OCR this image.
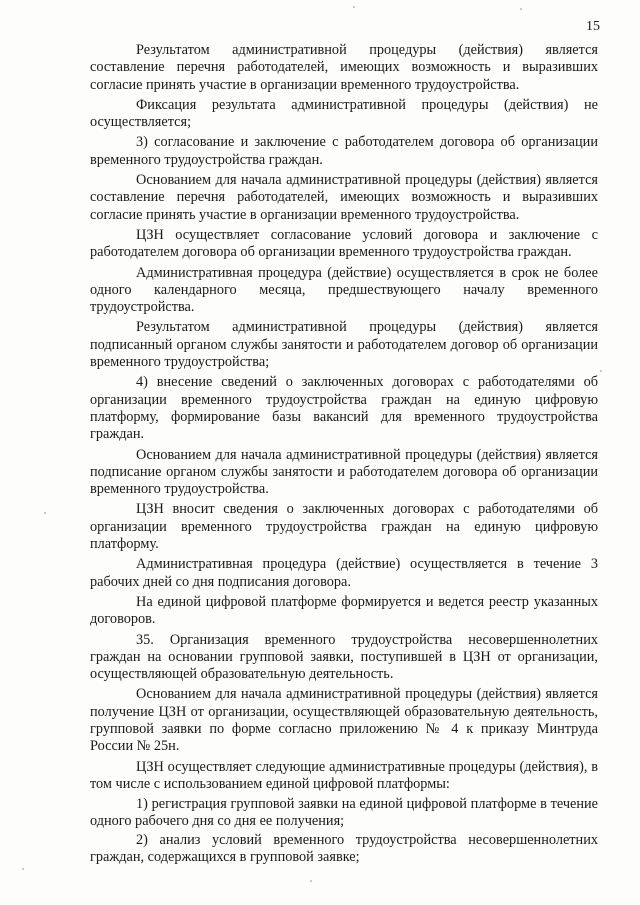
15

Результатом административной процедуры (действия) является составление перечня работодателей, имеющих возможность и выразивших согласие принять участие в организации временного трудоустройства.

Фиксация результата административной процедуры (действия) не осуществляется;

3) согласование и заключение с работодателем договора об организации временного трудоустройства граждан.

Основанием для начала административной процедуры (действия) является составление перечня работодателей, имеющих возможность и выразивших согласие принять участие в организации временного трудоустройства.

ЦЗН осуществляет согласование условий договора и заключение с работодателем договора об организации временного трудоустройства граждан.

Административная процедура (действие) осуществляется в срок не более одного календарного месяца, предшествующего началу временного трудоустройства.

Результатом административной процедуры (действия) является подписанный органом службы занятости и работодателем договор об организации временного трудоустройства;

4) внесение сведений о заключенных договорах с работодателями об организации временного трудоустройства граждан на единую цифровую платформу, формирование базы вакансий для временного трудоустройства граждан.

Основанием для начала административной процедуры (действия) является подписание органом службы занятости и работодателем договора об организации временного трудоустройства.

ЦЗН вносит сведения о заключенных договорах с работодателями об организации временного трудоустройства граждан на единую цифровую платформу.

Административная процедура (действие) осуществляется в течение 3 рабочих дней со дня подписания договора.

На единой цифровой платформе формируется и ведется реестр указанных договоров.

35. Организация временного трудоустройства несовершеннолетних граждан на основании групповой заявки, поступившей в ЦЗН от организации, осуществляющей образовательную деятельность.

Основанием для начала административной процедуры (действия) является получение ЦЗН от организации, осуществляющей образовательную деятельность, групповой заявки по форме согласно приложению № 4 к приказу Минтруда России № 25н.

ЦЗН осуществляет следующие административные процедуры (действия), в том числе с использованием единой цифровой платформы:

1) регистрация групповой заявки на единой цифровой платформе в течение одного рабочего дня со дня ее получения;

2) анализ условий временного трудоустройства несовершеннолетних граждан, содержащихся в групповой заявке;
